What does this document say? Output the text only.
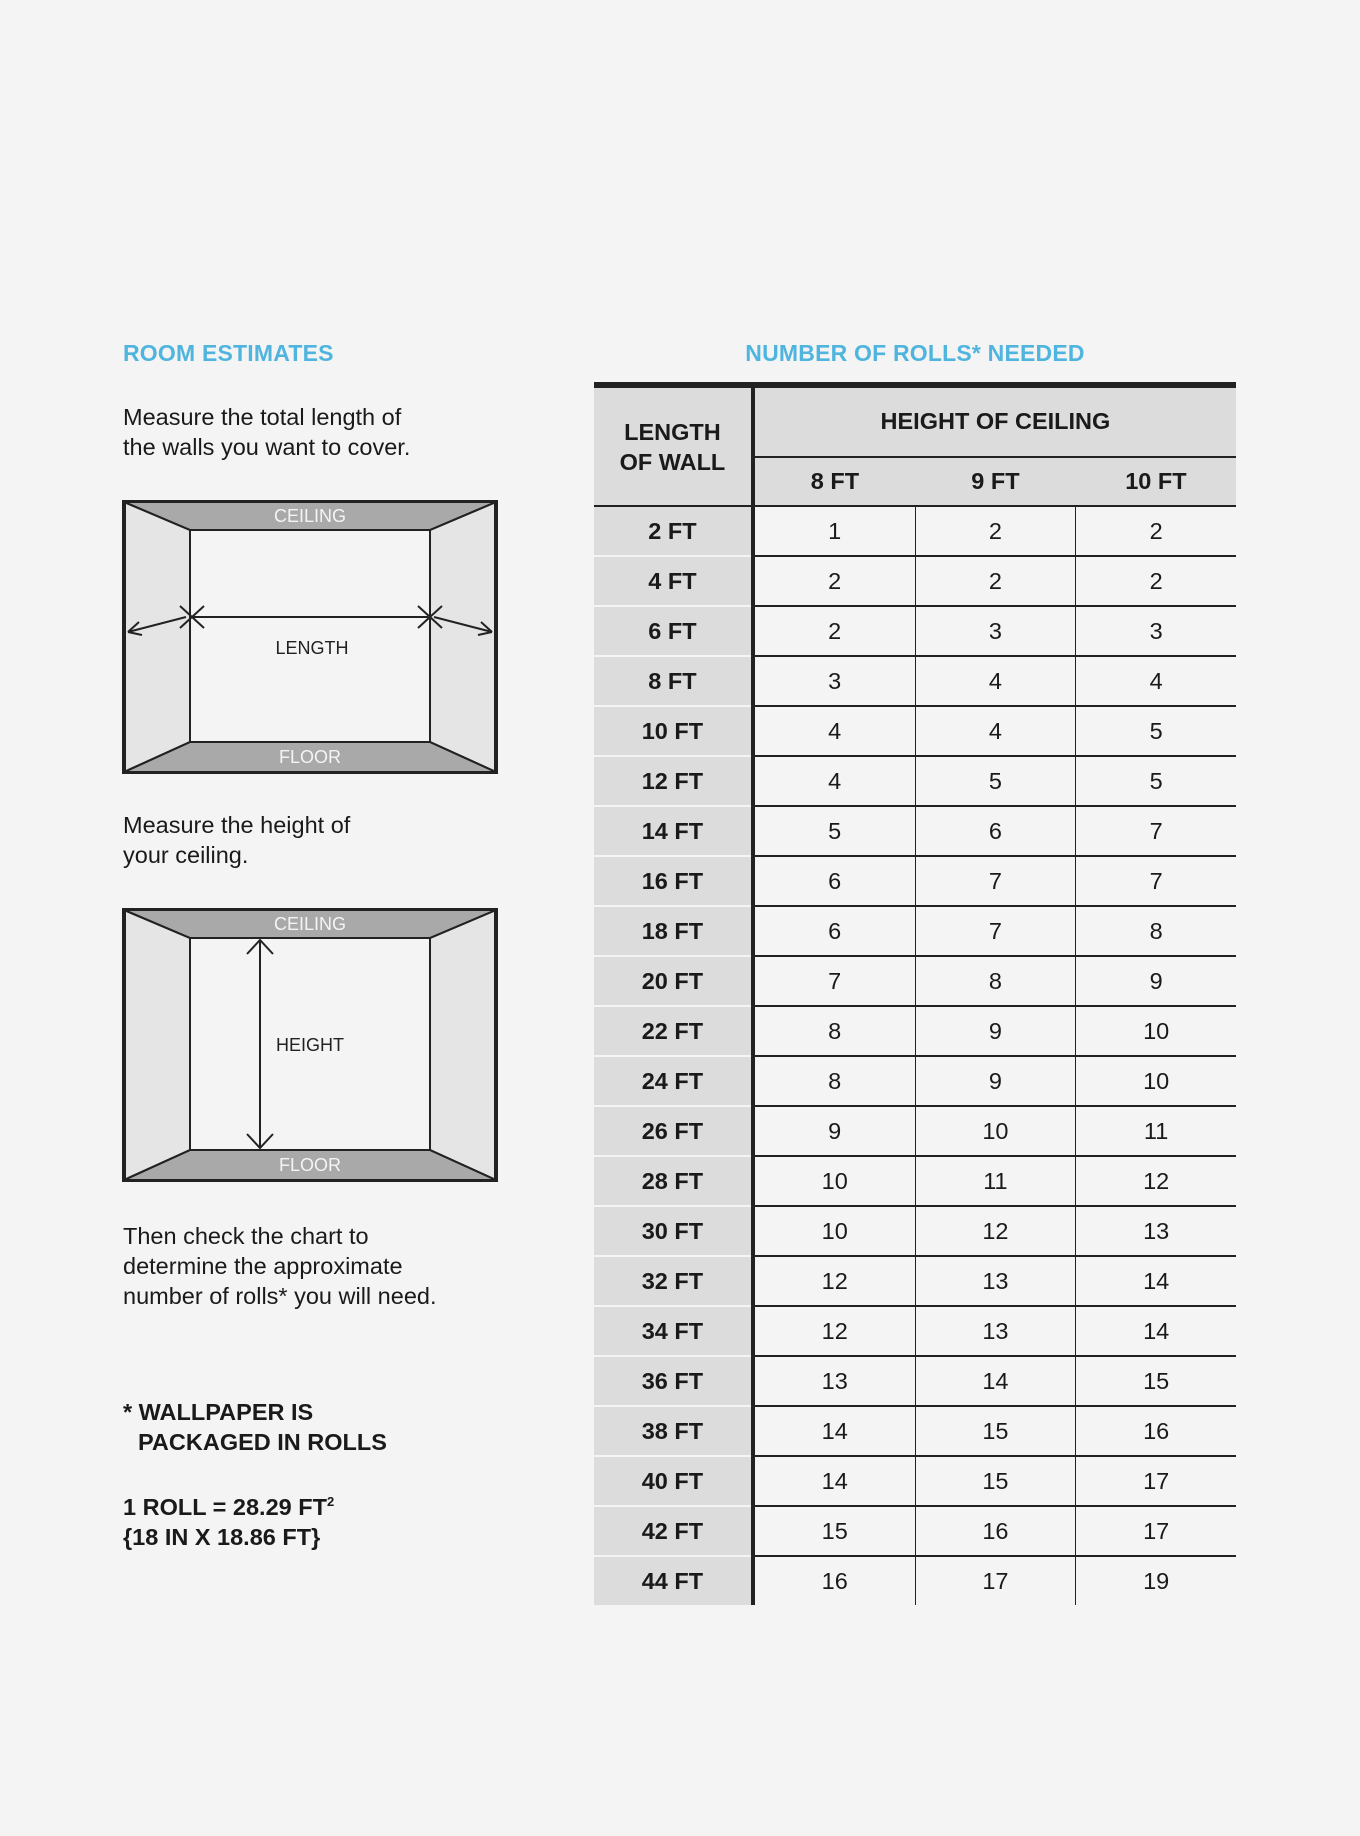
ROOM ESTIMATES

Measure the total length of
the walls you want to cover.

CEILING
FLOOR
LENGTH

Measure the height of
your ceiling.

CEILING
FLOOR
HEIGHT

Then check the chart to
determine the approximate
number of rolls* you will need.

* WALLPAPER IS
PACKAGED IN ROLLS
1 ROLL = 28.29 $FT^2$
{18 IN X 18.86 FT}
NUMBER OF ROLLS* NEEDED
LENGTH
OF WALL	HEIGHT OF CEILING		
	8 FT	9 FT	10 FT
2 FT	1	2	2
4 FT	2	2	2
6 FT	2	3	3
8 FT	3	4	4
10 FT	4	4	5
12 FT	4	5	5
14 FT	5	6	7
16 FT	6	7	7
18 FT	6	7	8
20 FT	7	8	9
22 FT	8	9	10
24 FT	8	9	10
26 FT	9	10	11
28 FT	10	11	12
30 FT	10	12	13
32 FT	12	13	14
34 FT	12	13	14
36 FT	13	14	15
38 FT	14	15	16
40 FT	14	15	17
42 FT	15	16	17
44 FT	16	17	19
